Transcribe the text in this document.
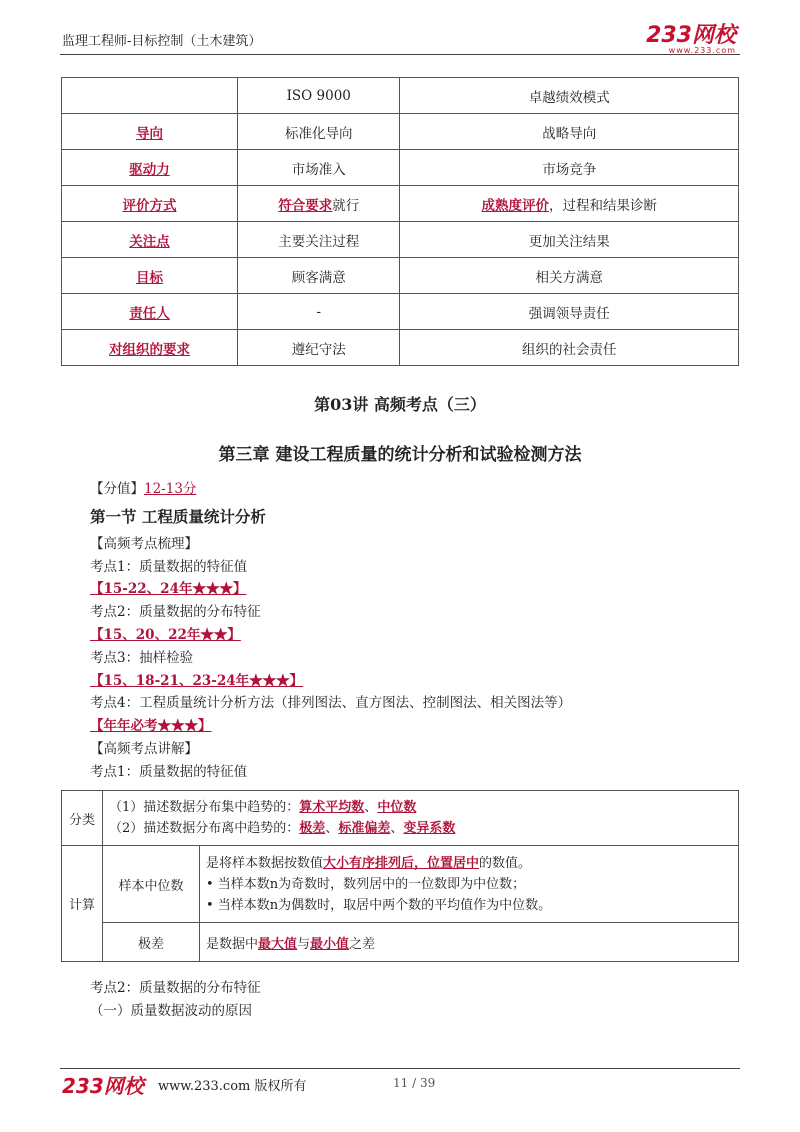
监理工程师-目标控制（土木建筑）	233网校
www.233.com
	ISO 9000	卓越绩效模式
导向	标准化导向	战略导向
驱动力	市场准入	市场竞争
评价方式	符合要求就行	成熟度评价，过程和结果诊断
关注点	主要关注过程	更加关注结果
目标	顾客满意	相关方满意
责任人	-	强调领导责任
对组织的要求	遵纪守法	组织的社会责任
第03讲 高频考点（三）
第三章 建设工程质量的统计分析和试验检测方法
【分值】12-13分
第一节 工程质量统计分析
【高频考点梳理】
考点1：质量数据的特征值
【15-22、24年★★★】
考点2：质量数据的分布特征
【15、20、22年★★】
考点3：抽样检验
【15、18-21、23-24年★★★】
考点4：工程质量统计分析方法（排列图法、直方图法、控制图法、相关图法等）
【年年必考★★★】
【高频考点讲解】
考点1：质量数据的特征值
分类	（1）描述数据分布集中趋势的：算术平均数、中位数
（2）描述数据分布离中趋势的：极差、标准偏差、变异系数	

计算	样本中位数	是将样本数据按数值大小有序排列后，位置居中的数值。
• 当样本数n为奇数时，数列居中的一位数即为中位数；
• 当样本数n为偶数时，取居中两个数的平均值作为中位数。

	极差	是数据中最大值与最小值之差
考点2：质量数据的分布特征
（一）质量数据波动的原因
233网校 www.233.com 版权所有	11 / 39
